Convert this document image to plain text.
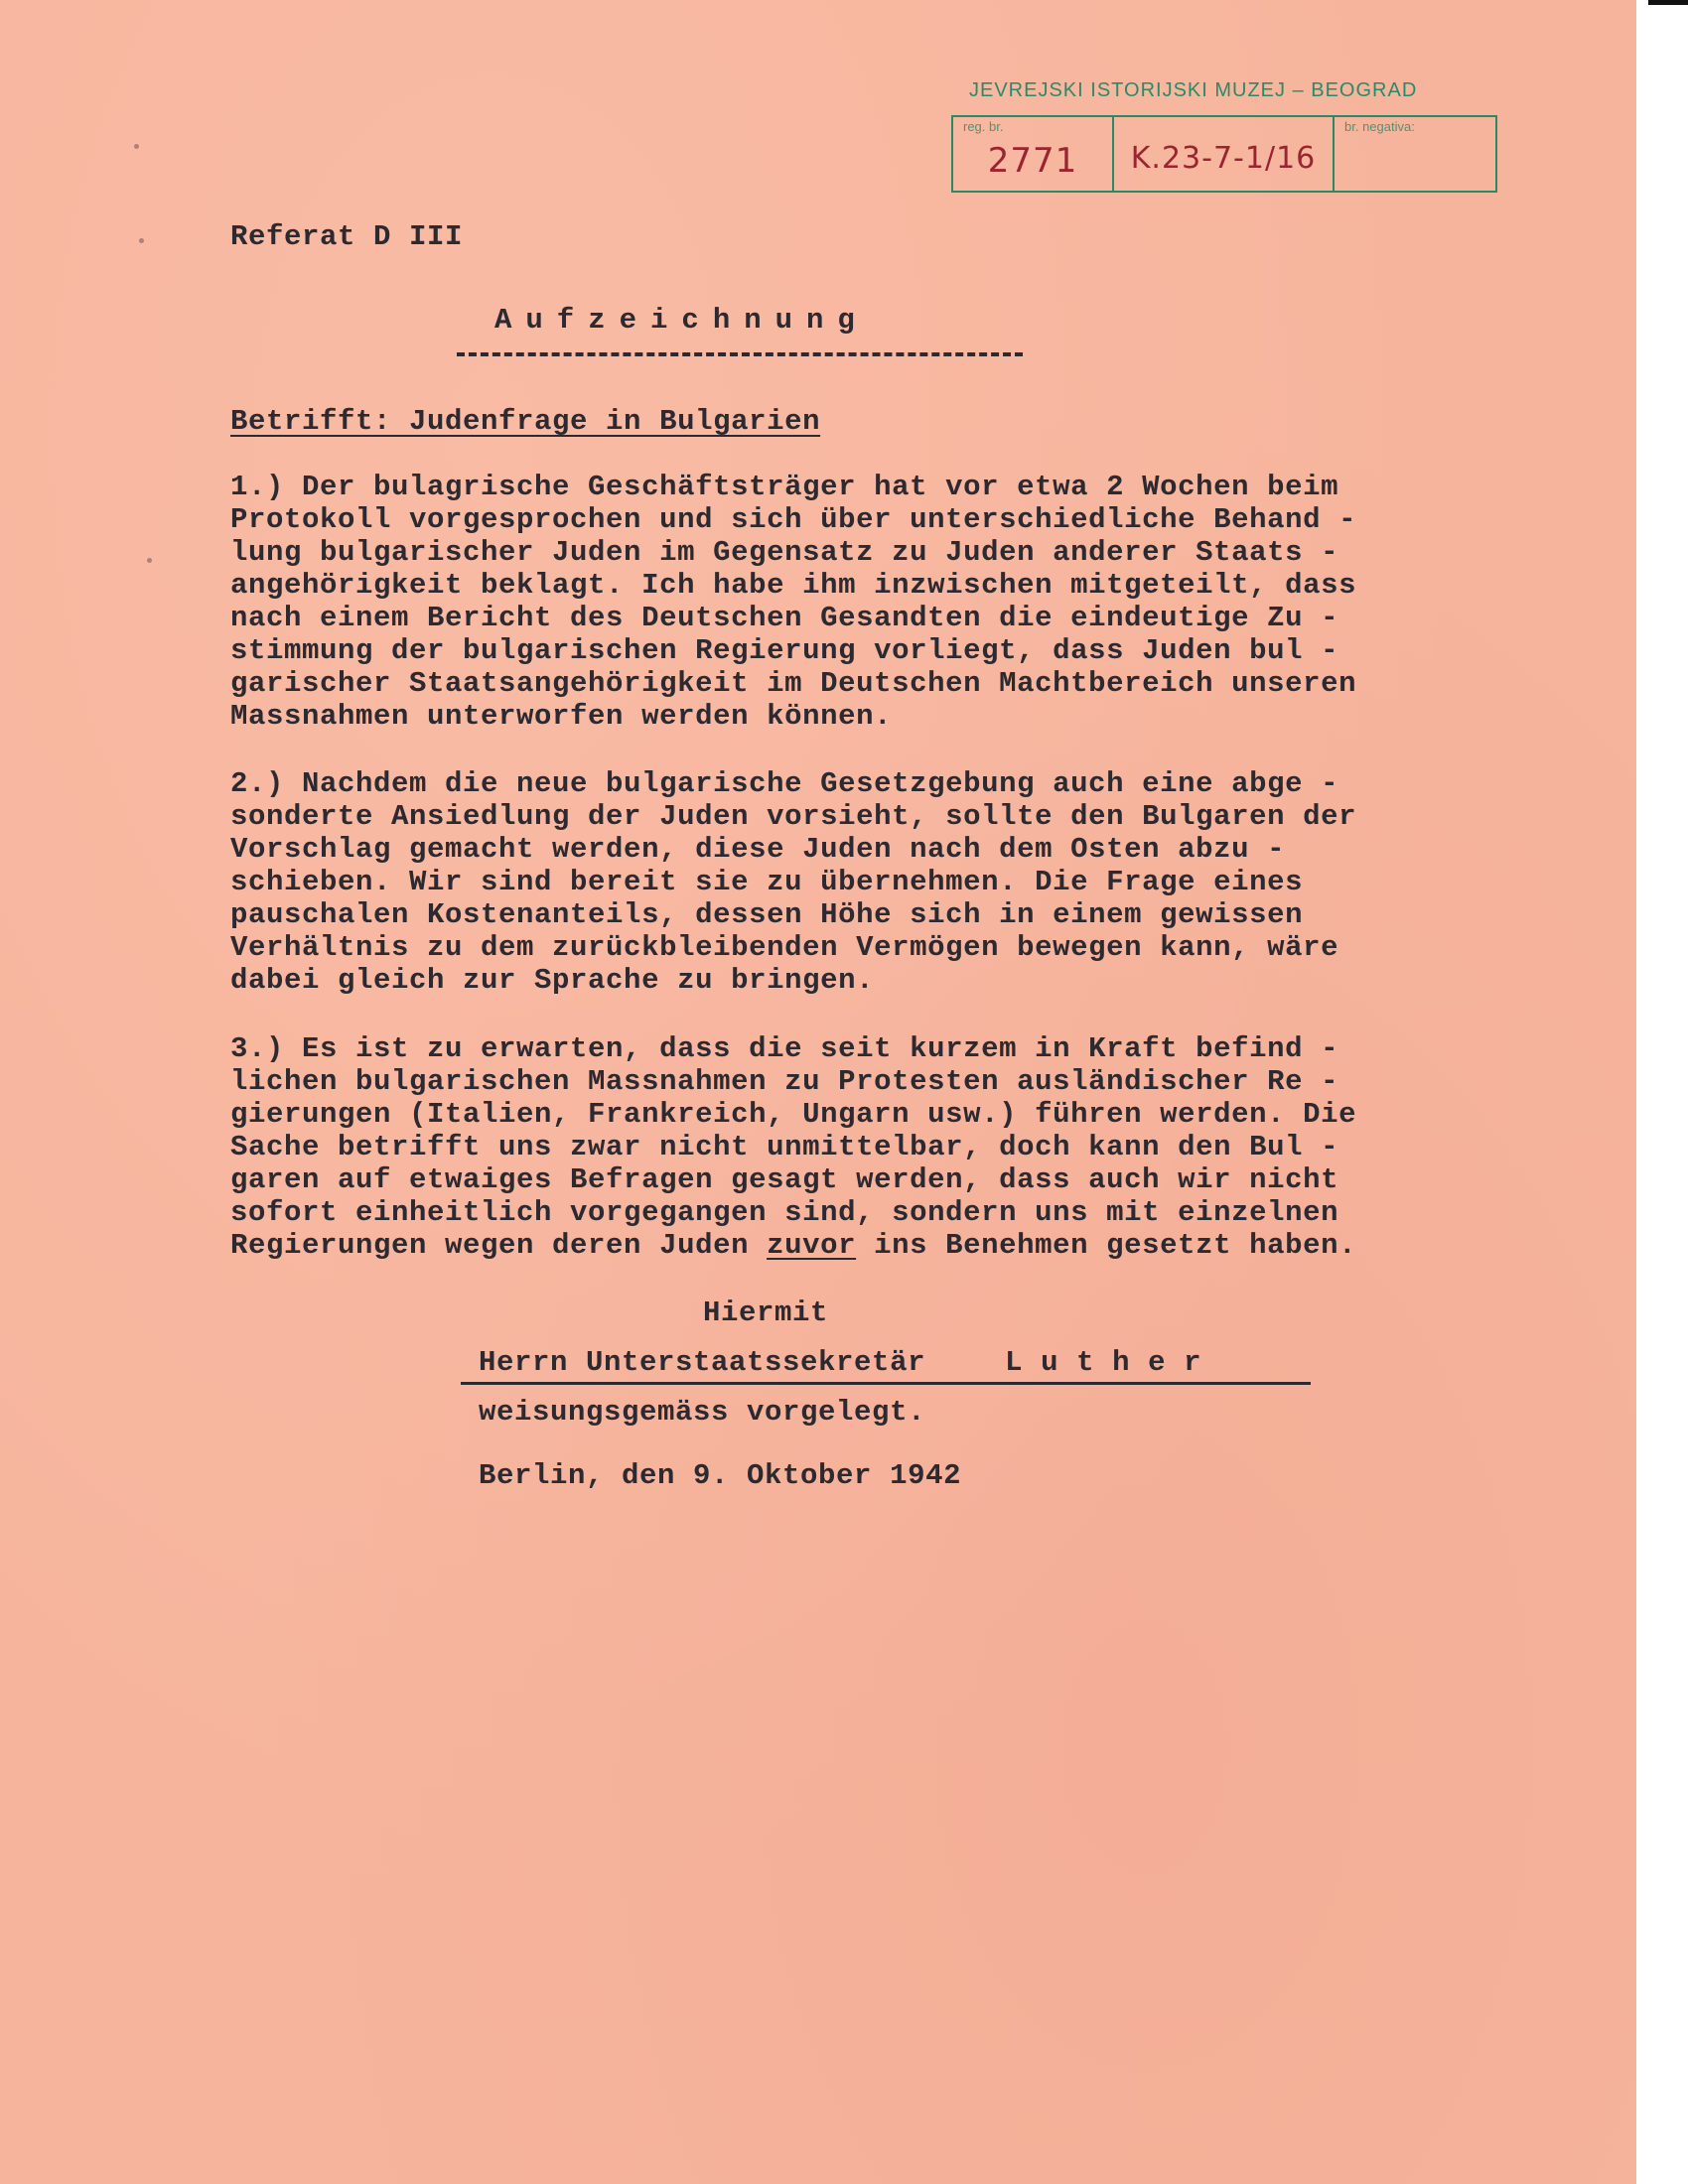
JEVREJSKI ISTORIJSKI MUZEJ – BEOGRAD
reg. br.
2771	K.23-7-1/16
br. negativa:
Referat D III
Aufzeichnung
Betrifft: Judenfrage in Bulgarien
1.) Der bulagrische Geschäftsträger hat vor etwa 2 Wochen beim
Protokoll vorgesprochen und sich über unterschiedliche Behand -
lung bulgarischer Juden im Gegensatz zu Juden anderer Staats -
angehörigkeit beklagt. Ich habe ihm inzwischen mitgeteilt, dass
nach einem Bericht des Deutschen Gesandten die eindeutige Zu -
stimmung der bulgarischen Regierung vorliegt, dass Juden bul -
garischer Staatsangehörigkeit im Deutschen Machtbereich unseren
Massnahmen unterworfen werden können.
2.) Nachdem die neue bulgarische Gesetzgebung auch eine abge -
sonderte Ansiedlung der Juden vorsieht, sollte den Bulgaren der
Vorschlag gemacht werden, diese Juden nach dem Osten abzu -
schieben. Wir sind bereit sie zu übernehmen. Die Frage eines
pauschalen Kostenanteils, dessen Höhe sich in einem gewissen
Verhältnis zu dem zurückbleibenden Vermögen bewegen kann, wäre
dabei gleich zur Sprache zu bringen.
3.) Es ist zu erwarten, dass die seit kurzem in Kraft befind -
lichen bulgarischen Massnahmen zu Protesten ausländischer Re -
gierungen (Italien, Frankreich, Ungarn usw.) führen werden. Die
Sache betrifft uns zwar nicht unmittelbar, doch kann den Bul -
garen auf etwaiges Befragen gesagt werden, dass auch wir nicht
sofort einheitlich vorgegangen sind, sondern uns mit einzelnen
Regierungen wegen deren Juden zuvor ins Benehmen gesetzt haben.
Hiermit
Herrn Unterstaatssekretär	L u t h e r
weisungsgemäss vorgelegt.
Berlin, den 9. Oktober 1942
